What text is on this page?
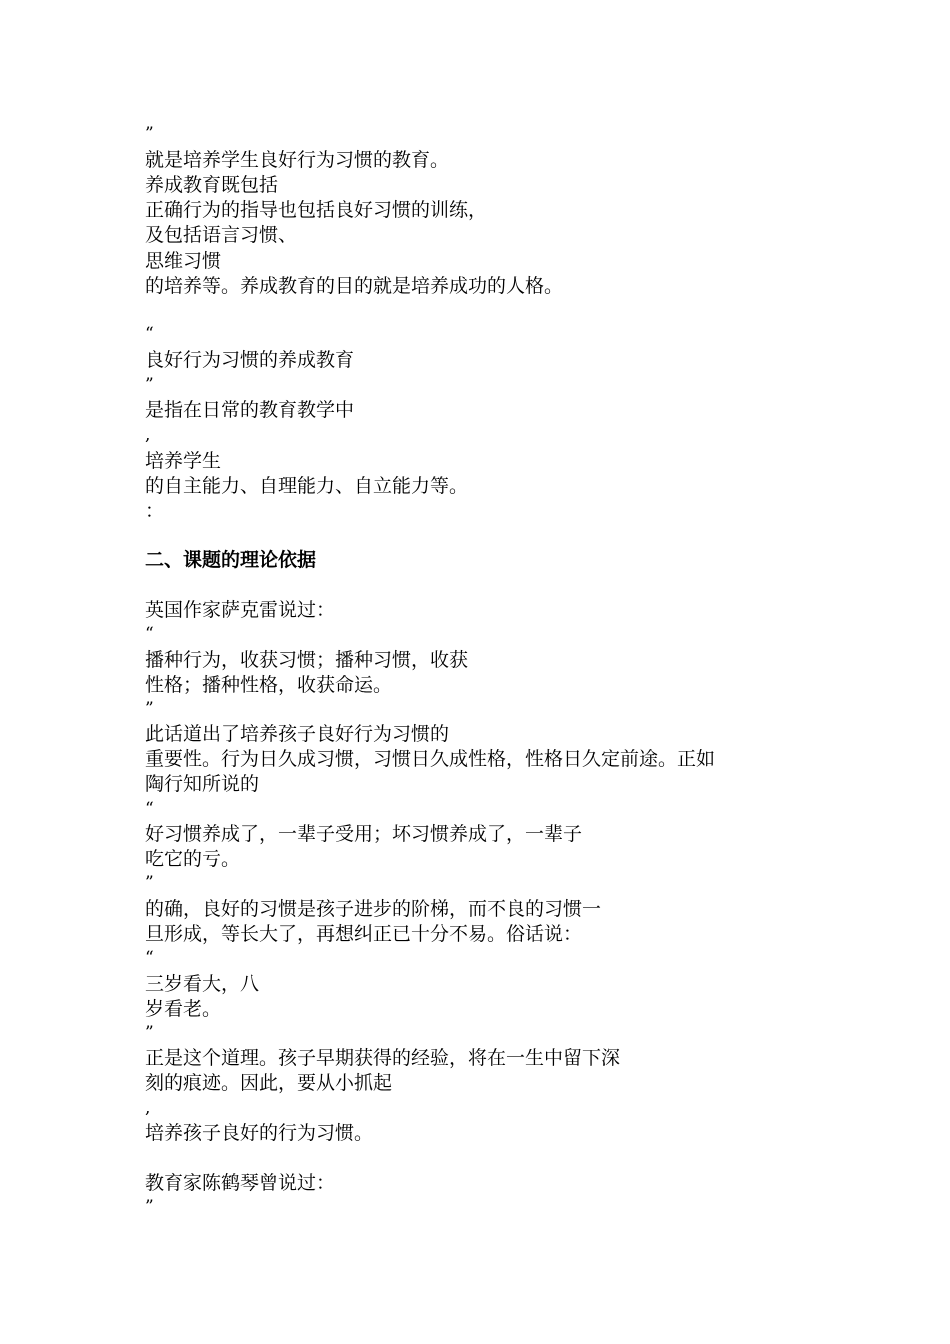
”
就是培养学生良好行为习惯的教育。
养成教育既包括
正确行为的指导也包括良好习惯的训练，
及包括语言习惯、
思维习惯
的培养等。养成教育的目的就是培养成功的人格。
“
良好行为习惯的养成教育
”
是指在日常的教育教学中
,
培养学生
的自主能力、自理能力、自立能力等。
：
二、课题的理论依据
英国作家萨克雷说过：
“
播种行为，收获习惯；播种习惯，收获
性格；播种性格，收获命运。
”
此话道出了培养孩子良好行为习惯的
重要性。行为日久成习惯，习惯日久成性格，性格日久定前途。正如
陶行知所说的
“
好习惯养成了，一辈子受用；坏习惯养成了，一辈子
吃它的亏。
”
的确，良好的习惯是孩子进步的阶梯，而不良的习惯一
旦形成，等长大了，再想纠正已十分不易。俗话说：
“
三岁看大，八
岁看老。
”
正是这个道理。孩子早期获得的经验，将在一生中留下深
刻的痕迹。因此，要从小抓起
,
培养孩子良好的行为习惯。
教育家陈鹤琴曾说过：
”
